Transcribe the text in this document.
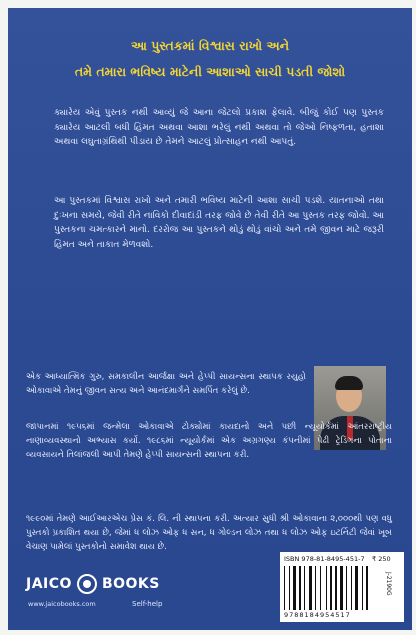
આ પુસ્તકમાં વિશ્વાસ રાખો અને
તમે તમારા ભવિષ્ય માટેની આશાઓ સાચી પડતી જોશો
ક્યારેય એવું પુસ્તક નથી આવ્યું જે આના જેટલો પ્રકાશ ફેલાવે. બીજું કોઈ પણ પુસ્તક ક્યારેય આટલી બધી હિંમત અથવા આશા ભરેલું નથી અથવા તો જેઓ નિષ્ફળતા, હતાશા અથવા લઘુતાગ્રંથિથી પીડાય છે તેમને આટલું પ્રોત્સાહન નથી આપતું.
આ પુસ્તકમાં વિશ્વાસ રાખો અને તમારી ભવિષ્ય માટેની આશા સાચી પડશે. યાતનાઓ તથા દુઃખના સમયે, જેવી રીતે નાવિકો દીવાદાંડી તરફ જોવે છે તેવી રીતે આ પુસ્તક તરફ જોવો. આ પુસ્તકના ચમત્કારને માનો. દરરોજ આ પુસ્તકને થોડું થોડું વાંચો અને તમે જીવન માટે જરૂરી હિંમત અને તાકાત મેળવશો.
એક આધ્યાત્મિક ગુરુ, સમકાલીન આર્જક્ષા અને હેપ્પી સાયન્સના સ્થાપક રયુહો ઓકાવાએ તેમનું જીવન સત્ય અને આનંદમાર્ગને સમર્પિત કરેલું છે.
જાપાનમાં ૧૯૫૬માં જન્મેલા ઓકાવાએ ટોક્યોમાં કાયદાનો અને પછી ન્યૂયોર્કમાં આંતરરાષ્ટ્રીય નાણાવ્યવસ્થાનો અભ્યાસ કર્યો. ૧૯૮૬માં ન્યૂયોર્કમાં એક અગ્રગણ્ય કંપનીમાં પેઢી ટ્રેડિંગના પોતાના વ્યવસાયને તિલાંજલી આપી તેમણે હેપ્પી સાયન્સની સ્થાપના કરી.
૧૯૯૦માં તેમણે આઈઆરએચ પ્રેસ કં. લિ. ની સ્થાપના કરી. અત્યાર સુધી શ્રી ઓકાવાના ૨,૦૦૦થી પણ વધુ પુસ્તકો પ્રકાશિત થયા છે, જેમાં ધ લોઝ ઓફ ધ સન, ધ ગોલ્ડન લોઝ તથા ધ લોઝ ઓફ ઇટર્નિટી જેવાં ખૂબ વેચાણ પામેલાં પુસ્તકોનો સમાવેશ થાય છે.
JAICO BOOKS
www.jaicobooks.com	Self-help
ISBN 978-81-8495-451-7 ₹ 250
J-2190G
9788184954517
